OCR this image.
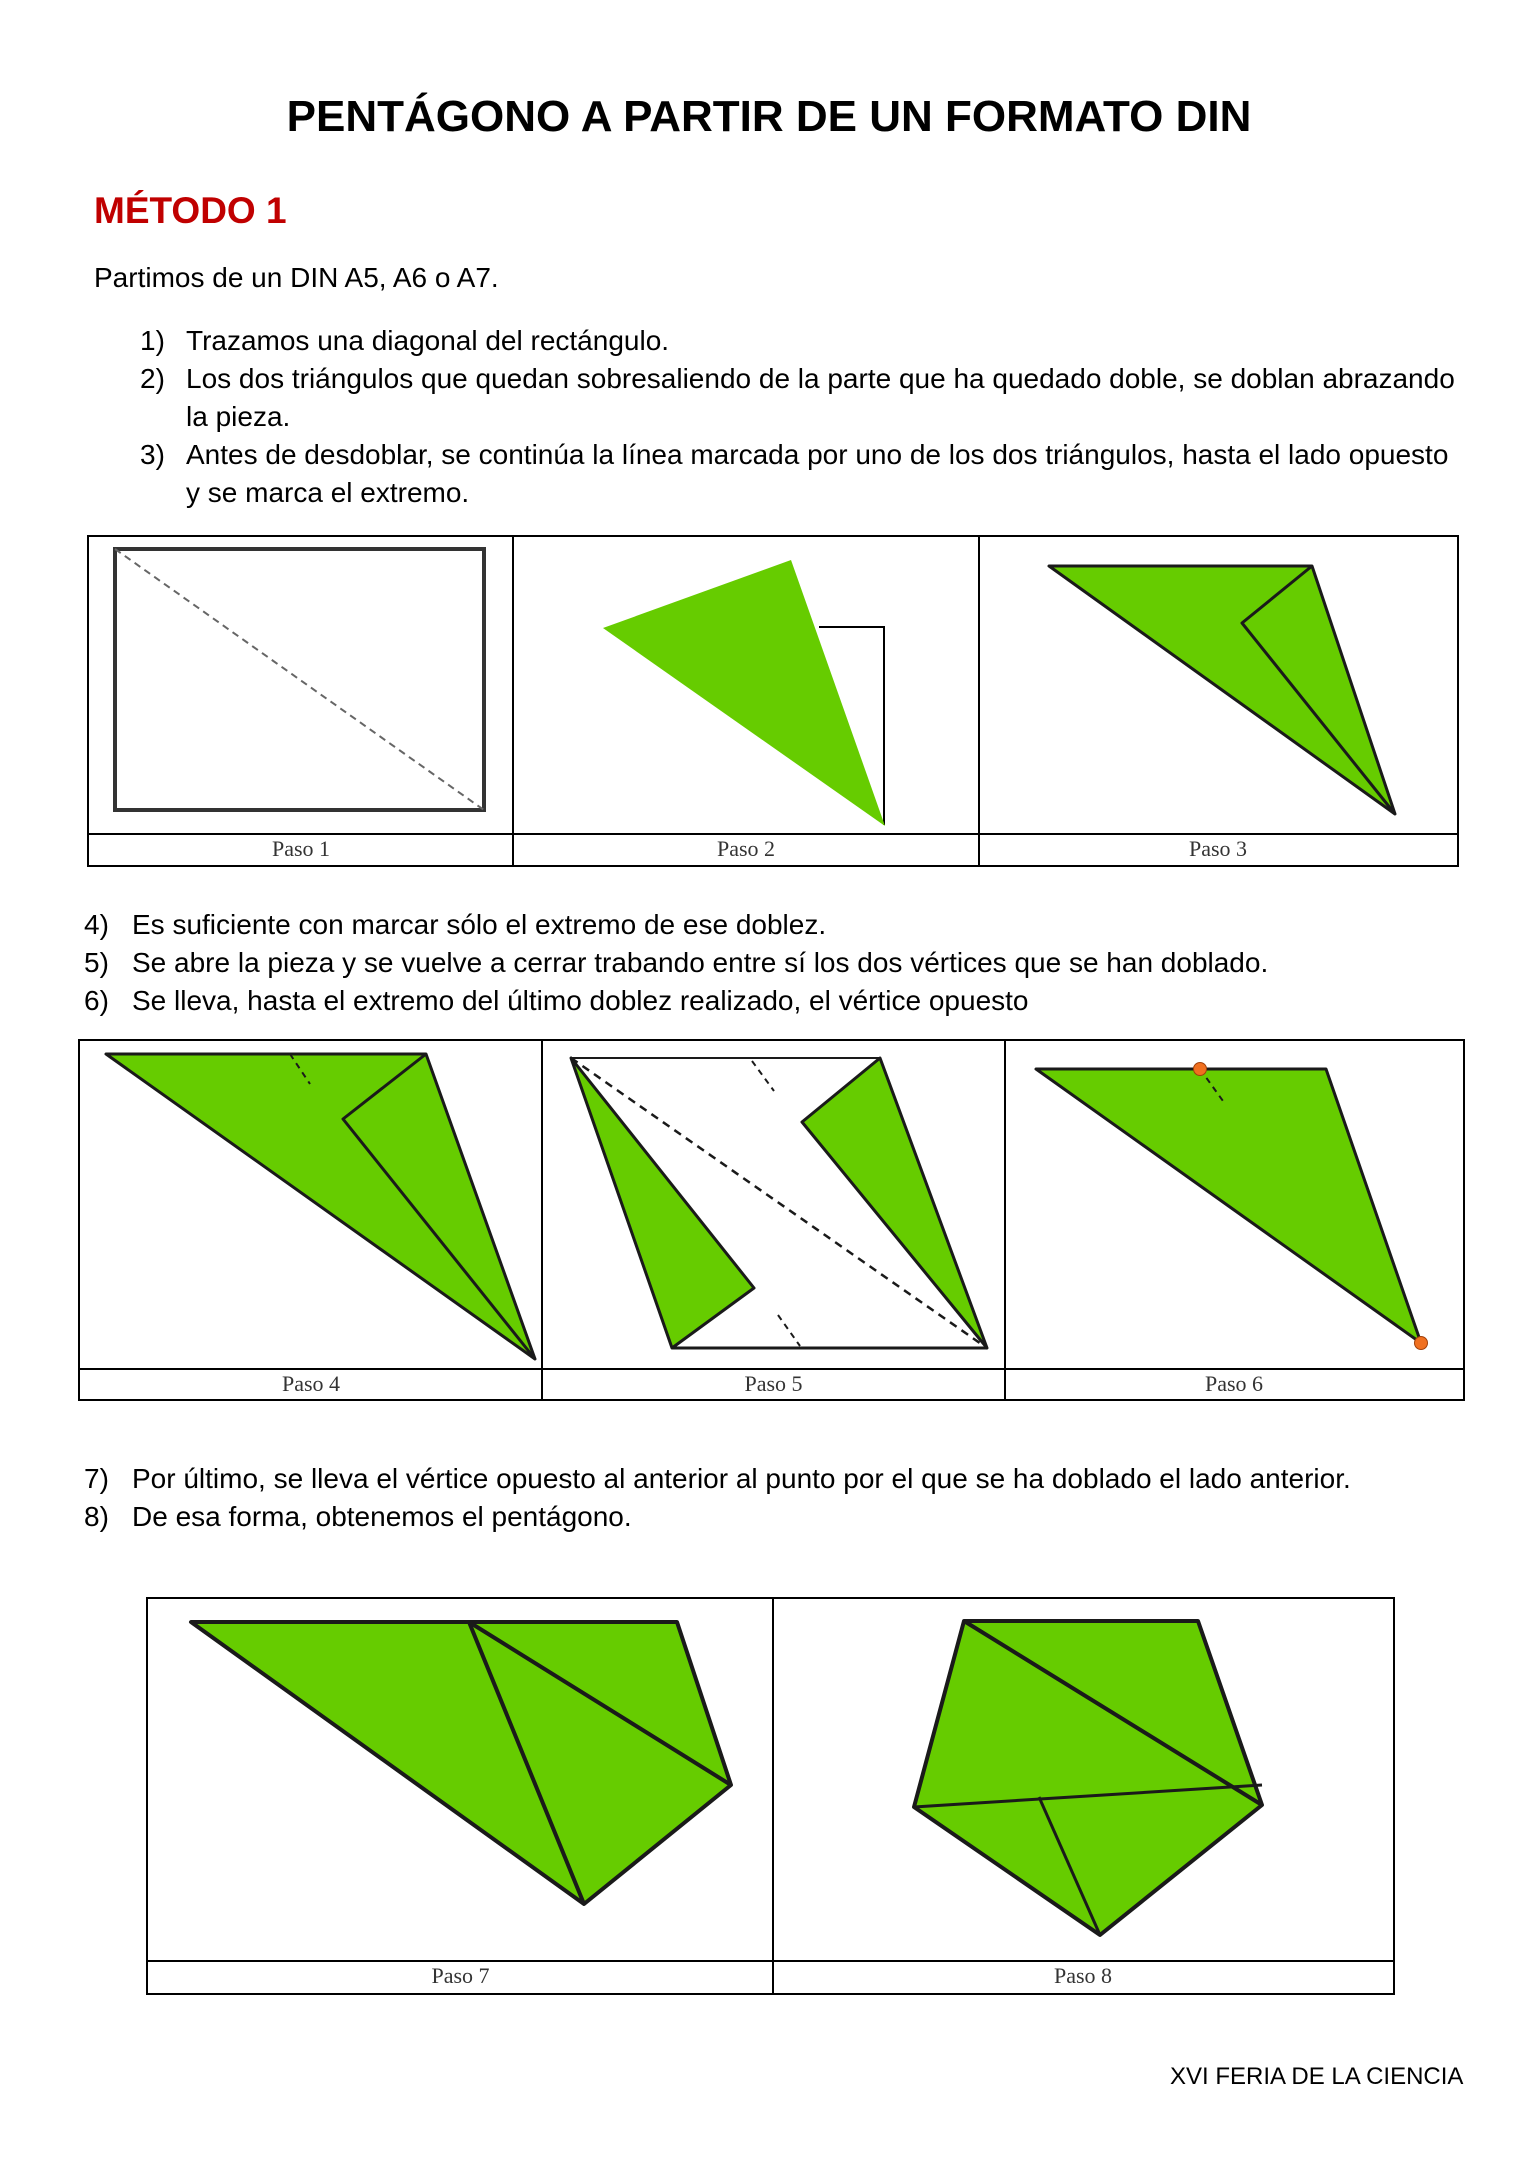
PENTÁGONO A PARTIR DE UN FORMATO DIN
MÉTODO 1
Partimos de un DIN A5, A6 o A7.
1) Trazamos una diagonal del rectángulo.
2) Los dos triángulos que quedan sobresaliendo de la parte que ha quedado doble, se doblan abrazando la pieza.
3) Antes de desdoblar, se continúa la línea marcada por uno de los dos triángulos, hasta el lado opuesto y se marca el extremo.
Paso 1	Paso 2	Paso 3
4) Es suficiente con marcar sólo el extremo de ese doblez.
5) Se abre la pieza y se vuelve a cerrar trabando entre sí los dos vértices que se han doblado.
6) Se lleva, hasta el extremo del último doblez realizado, el vértice opuesto
Paso 4	Paso 5	Paso 6
7) Por último, se lleva el vértice opuesto al anterior al punto por el que se ha doblado el lado anterior.
8) De esa forma, obtenemos el pentágono.
Paso 7	Paso 8
XVI FERIA DE LA CIENCIA
